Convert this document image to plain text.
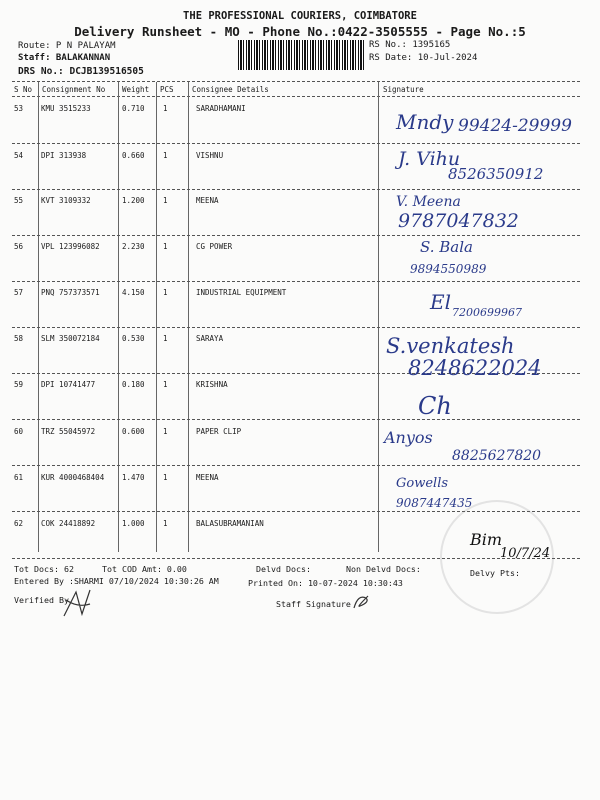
THE PROFESSIONAL COURIERS, COIMBATORE
Delivery Runsheet - MO - Phone No.:0422-3505555 - Page No.:5
Route: P N PALAYAM
Staff: BALAKANNAN
DRS No.: DCJB139516505
RS No.: 1395165
RS Date: 10-Jul-2024
S No Consignment No Weight PCS Consignee Details	Signature
53 KMU 3515233	0.710 1	SARADHAMANI
Mndy 99424-29999
54 DPI 313938	0.660 1	VISHNU	J. Vihu
8526350912
55 KVT 3109332	1.200 1	MEENA	V. Meena
9787047832
56 VPL 123996082	2.230 1	CG POWER	S. Bala
9894550989
57 PNQ 757373571	4.150 1	INDUSTRIAL EQUIPMENT	El 7200699967
58 SLM 350072184	0.530 1	SARAYA	S.venkatesh
8248622024
59 DPI 10741477	0.180 1	KRISHNA
Ch
60 TRZ 55045972	0.600 1	PAPER CLIP	Anyos
8825627820
61 KUR 4000468404 1.470 1	MEENA	Gowells
9087447435
62 COK 24418892	1.000 1	BALASUBRAMANIAN
Bim
10/7/24
Tot Docs: 62	Tot COD Amt: 0.00	Delvd Docs:	Non Delvd Docs:	Delvy Pts:
Entered By :SHARMI 07/10/2024 10:30:26 AM	Printed On: 10-07-2024 10:30:43
Verified By	Staff Signature
